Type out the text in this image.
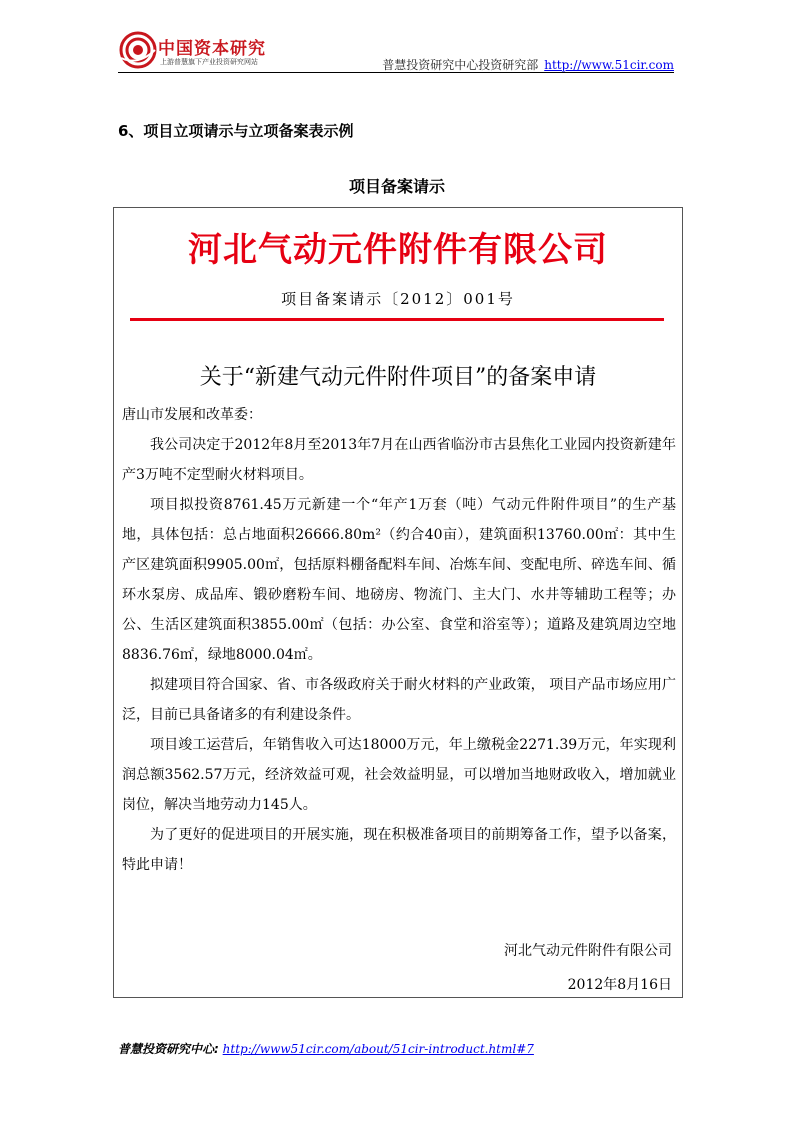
中国资本研究
上游普慧旗下产业投资研究网站	普慧投资研究中心投资研究部 http://www.51cir.com
6、项目立项请示与立项备案表示例
项目备案请示
河北气动元件附件有限公司
项目备案请示〔2012〕001号
关于“新建气动元件附件项目”的备案申请
唐山市发展和改革委：

我公司决定于2012年8月至2013年7月在山西省临汾市古县焦化工业园内投资新建年产3万吨不定型耐火材料项目。

项目拟投资8761.45万元新建一个“年产1万套（吨）气动元件附件项目”的生产基地，具体包括：总占地面积26666.80m²（约合40亩），建筑面积13760.00㎡：其中生产区建筑面积9905.00㎡，包括原料棚备配料车间、冶炼车间、变配电所、碎选车间、循环水泵房、成品库、锻砂磨粉车间、地磅房、物流门、主大门、水井等辅助工程等；办公、生活区建筑面积3855.00㎡（包括：办公室、食堂和浴室等）；道路及建筑周边空地8836.76㎡，绿地8000.04㎡。

拟建项目符合国家、省、市各级政府关于耐火材料的产业政策， 项目产品市场应用广泛，目前已具备诸多的有利建设条件。

项目竣工运营后，年销售收入可达18000万元，年上缴税金2271.39万元，年实现利润总额3562.57万元，经济效益可观，社会效益明显，可以增加当地财政收入，增加就业岗位，解决当地劳动力145人。

为了更好的促进项目的开展实施，现在积极准备项目的前期筹备工作，望予以备案，特此申请！

河北气动元件附件有限公司
2012年8月16日
普慧投资研究中心: http://www51cir.com/about/51cir-introduct.html#7
